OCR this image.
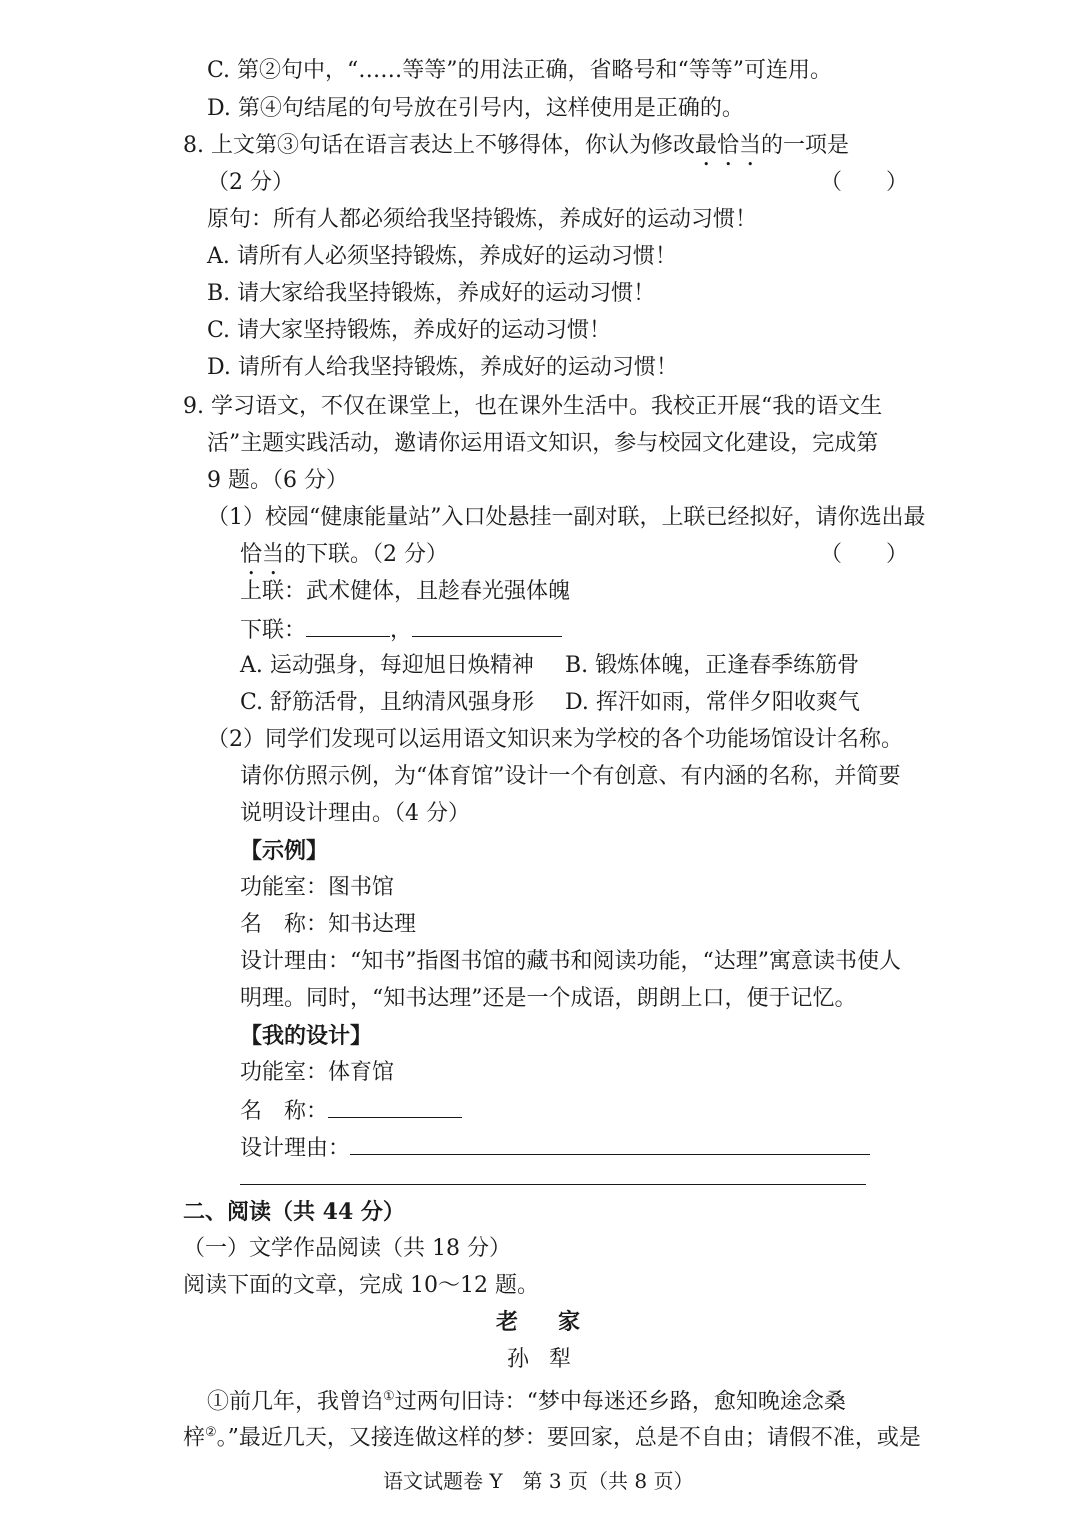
C. 第②句中，“……等等”的用法正确，省略号和“等等”可连用。
D. 第④句结尾的句号放在引号内，这样使用是正确的。
8. 上文第③句话在语言表达上不够得体，你认为修改最恰当的一项是
（2 分）	（　　）
原句：所有人都必须给我坚持锻炼，养成好的运动习惯！
A. 请所有人必须坚持锻炼，养成好的运动习惯！
B. 请大家给我坚持锻炼，养成好的运动习惯！
C. 请大家坚持锻炼，养成好的运动习惯！
D. 请所有人给我坚持锻炼，养成好的运动习惯！
9. 学习语文，不仅在课堂上，也在课外生活中。我校正开展“我的语文生
活”主题实践活动，邀请你运用语文知识，参与校园文化建设，完成第
9 题。（6 分）
（1）校园“健康能量站”入口处悬挂一副对联，上联已经拟好，请你选出最
恰当的下联。（2 分）	（　　）
上联：武术健体，且趁春光强体魄
下联：	，
A. 运动强身，每迎旭日焕精神 B. 锻炼体魄，正逢春季练筋骨
C. 舒筋活骨，且纳清风强身形 D. 挥汗如雨，常伴夕阳收爽气
（2）同学们发现可以运用语文知识来为学校的各个功能场馆设计名称。
请你仿照示例，为“体育馆”设计一个有创意、有内涵的名称，并简要
说明设计理由。（4 分）
【示例】
功能室：图书馆
名　称：知书达理
设计理由：“知书”指图书馆的藏书和阅读功能，“达理”寓意读书使人
明理。同时，“知书达理”还是一个成语，朗朗上口，便于记忆。
【我的设计】
功能室：体育馆
名　称：
设计理由：
二、阅读（共 44 分）
（一）文学作品阅读（共 18 分）
阅读下面的文章，完成 10～12 题。
老家
孙犁
①前几年，我曾诌①过两句旧诗：“梦中每迷还乡路，愈知晚途念桑
梓②。”最近几天，又接连做这样的梦：要回家，总是不自由；请假不准，或是
语文试题卷 Y　第 3 页（共 8 页）
